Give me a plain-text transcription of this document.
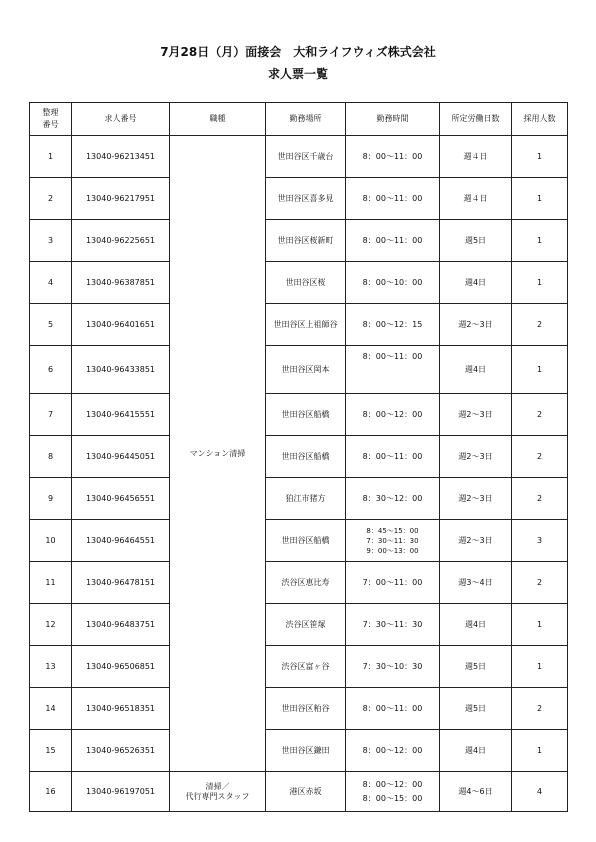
7月28日（月）面接会　大和ライフウィズ株式会社
求人票一覧
整理
番号	求人番号	職種	勤務場所	勤務時間	所定労働日数	採用人数
1	13040-96213451	マンション清掃	世田谷区千歳台	8：00～11：00	週４日	1
2	13040-96217951		世田谷区喜多見	8：00～11：00	週４日	1
3	13040-96225651		世田谷区桜新町	8：00～11：00	週5日	1
4	13040-96387851		世田谷区桜	8：00～10：00	週4日	1
5	13040-96401651		世田谷区上祖師谷	8：00～12：15	週2～3日	2
6	13040-96433851		世田谷区岡本	8：00～11：00	週4日	1
7	13040-96415551		世田谷区船橋	8：00～12：00	週2～3日	2
8	13040-96445051		世田谷区船橋	8：00～11：00	週2～3日	2
9	13040-96456551		狛江市猪方	8：30～12：00	週2～3日	2
10	13040-96464551		世田谷区船橋	8：45～15：00
7：30～11：30
9：00～13：00	週2～3日	3
11	13040-96478151		渋谷区恵比寿	7：00～11：00	週3～4日	2
12	13040-96483751		渋谷区笹塚	7：30～11：30	週4日	1
13	13040-96506851		渋谷区富ヶ谷	7：30～10：30	週5日	1
14	13040-96518351		世田谷区粕谷	8：00～11：00	週5日	2
15	13040-96526351		世田谷区鎌田	8：00～12：00	週4日	1
16	13040-96197051	清掃／
代行専門スタッフ	港区赤坂	8：00～12：00
8：00～15：00	週4～6日	4
